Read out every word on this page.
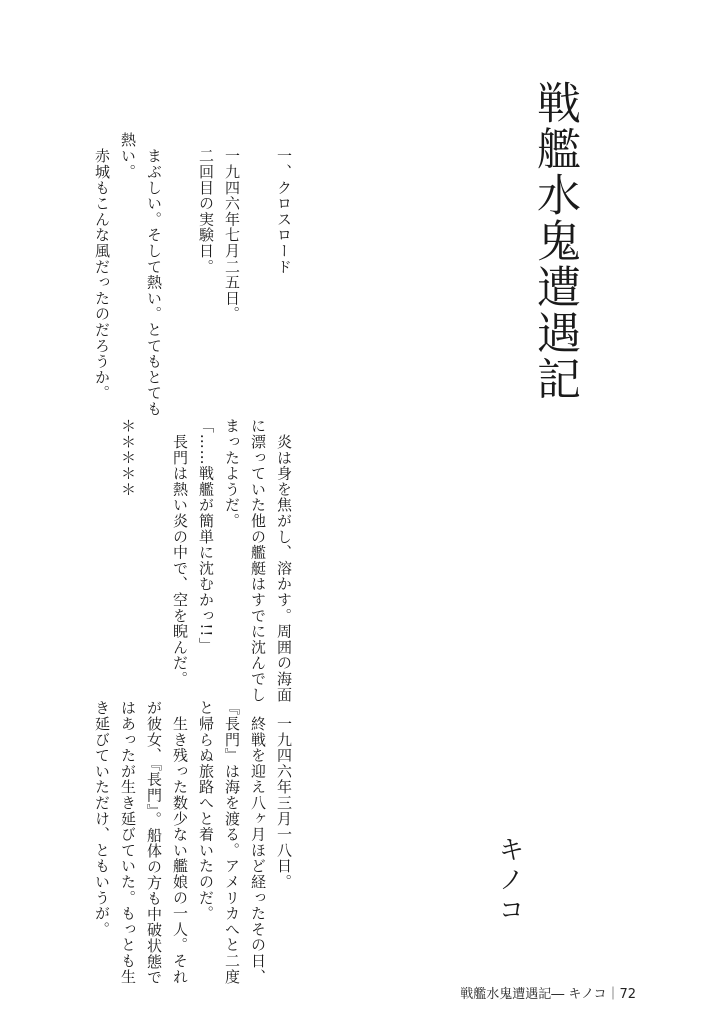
戦艦水鬼遭遇記
キノコ
一、クロスロード
一九四六年七月二五日。
二回目の実験日。
まぶしい。そして熱い。とてもとても
熱い。
赤城もこんな風だったのだろうか。
　炎は身を焦がし、溶かす。周囲の海面
に漂っていた他の艦艇はすでに沈んでし
まったようだ。
「……戦艦が簡単に沈むかっ!!」
　長門は熱い炎の中で、空を睨んだ。
＊＊＊＊＊
　一九四六年三月一八日。
　終戦を迎え八ヶ月ほど経ったその日、
『長門』は海を渡る。アメリカへと二度
と帰らぬ旅路へと着いたのだ。
　生き残った数少ない艦娘の一人。それ
が彼女、『長門』。船体の方も中破状態で
はあったが生き延びていた。もっとも生
き延びていただけ、ともいうが。
戦艦水鬼遭遇記― キノコ｜72
